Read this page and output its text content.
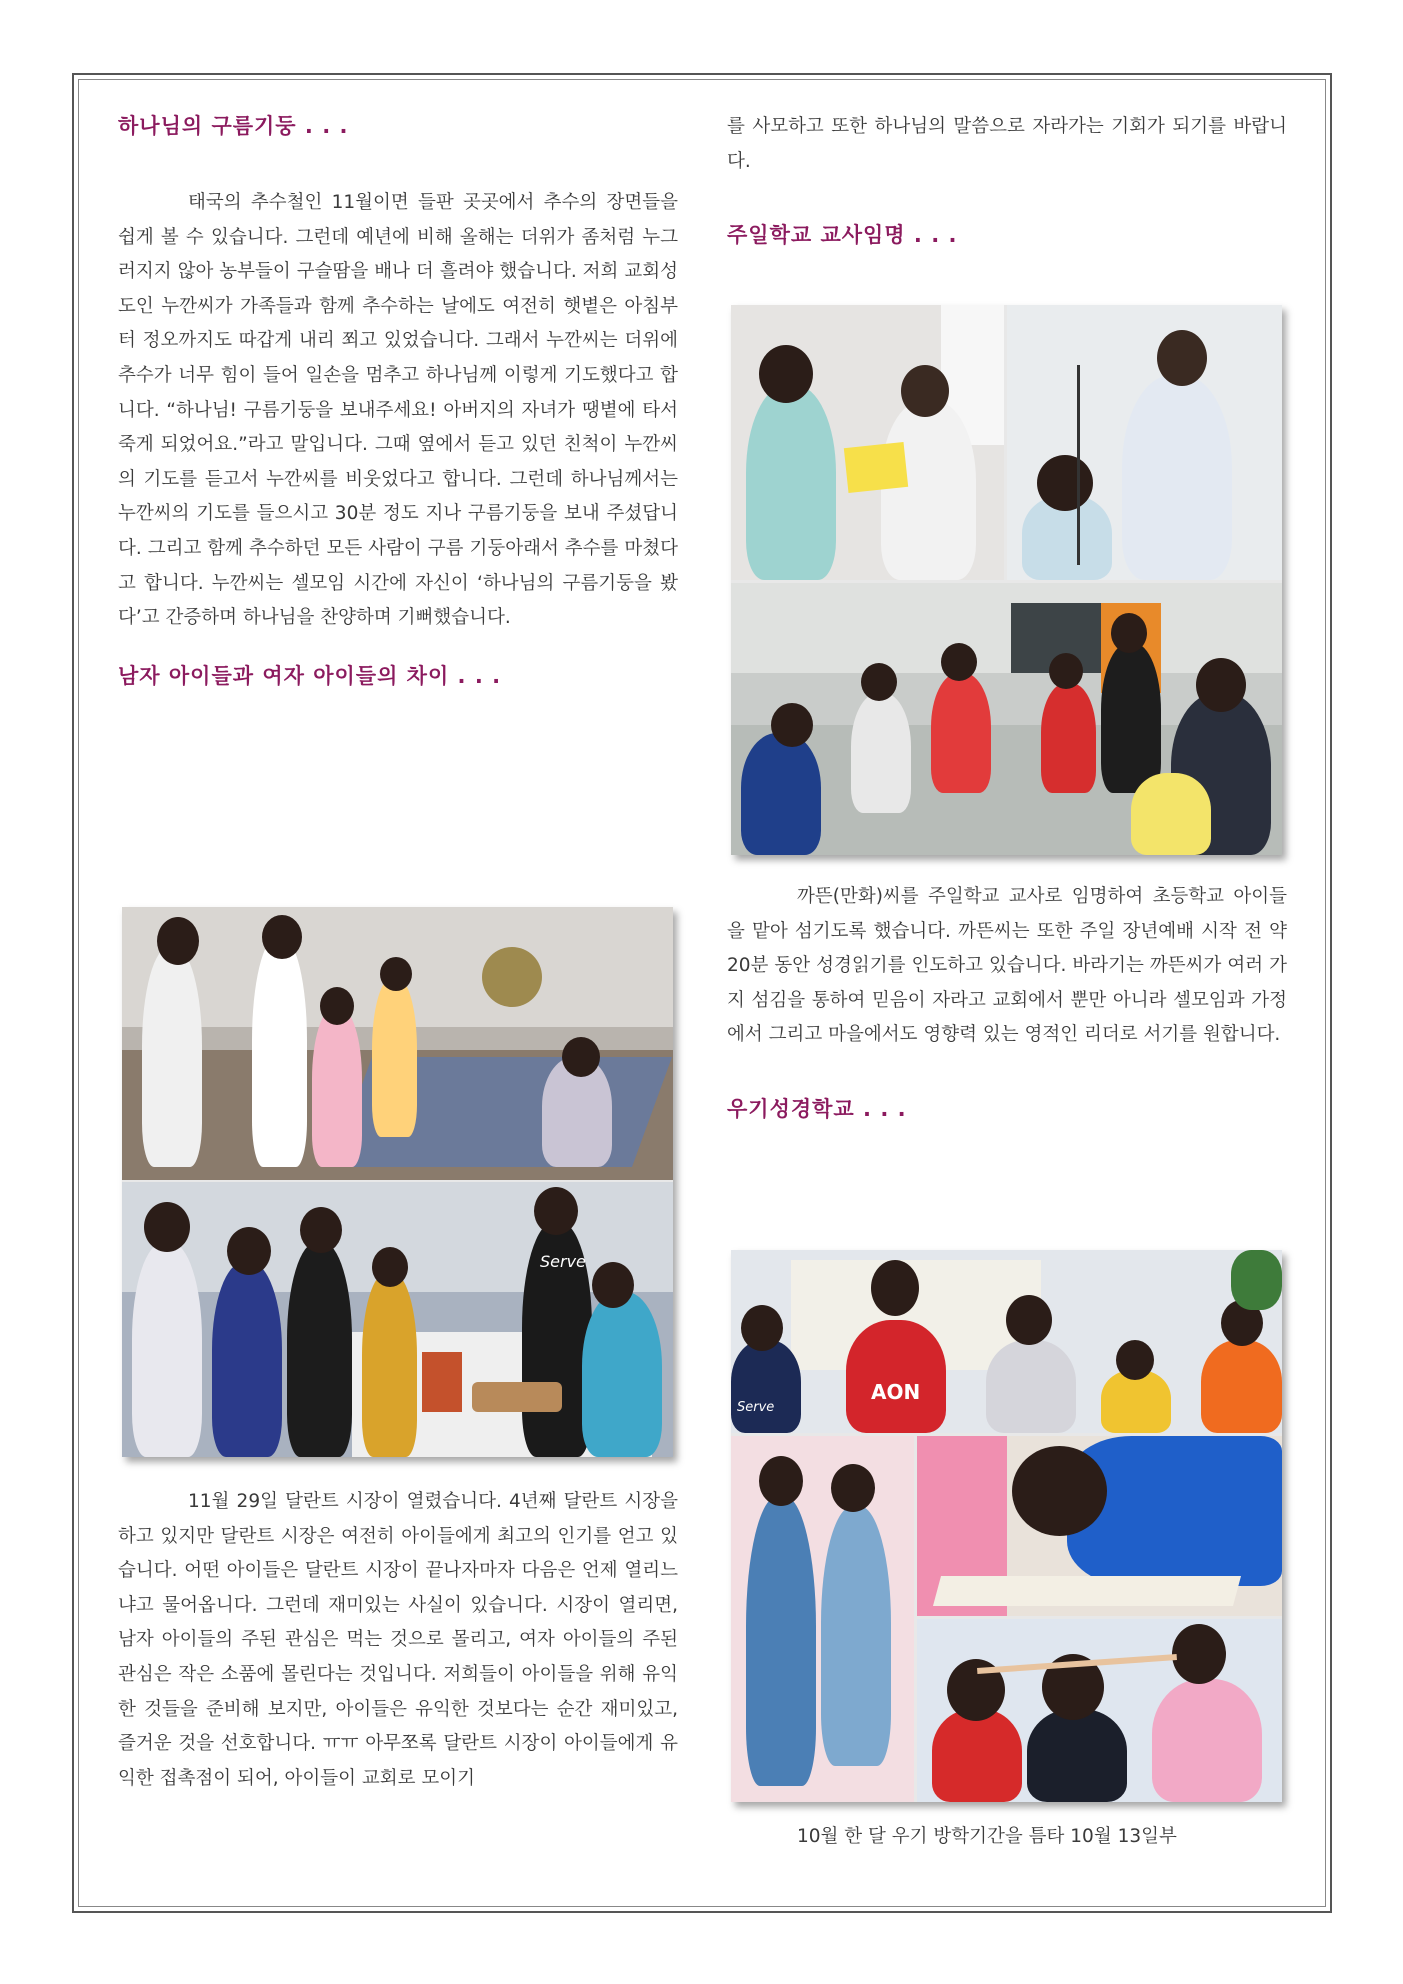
하나님의 구름기둥 . . .

태국의 추수철인 11월이면 들판 곳곳에서 추수의 장면들을 쉽게 볼 수 있습니다. 그런데 예년에 비해 올해는 더위가 좀처럼 누그러지지 않아 농부들이 구슬땀을 배나 더 흘려야 했습니다. 저희 교회성도인 누깐씨가 가족들과 함께 추수하는 날에도 여전히 햇볕은 아침부터 정오까지도 따갑게 내리 쬐고 있었습니다. 그래서 누깐씨는 더위에 추수가 너무 힘이 들어 일손을 멈추고 하나님께 이렇게 기도했다고 합니다. “하나님! 구름기둥을 보내주세요! 아버지의 자녀가 땡볕에 타서 죽게 되었어요.”라고 말입니다. 그때 옆에서 듣고 있던 친척이 누깐씨의 기도를 듣고서 누깐씨를 비웃었다고 합니다. 그런데 하나님께서는 누깐씨의 기도를 들으시고 30분 정도 지나 구름기둥을 보내 주셨답니다. 그리고 함께 추수하던 모든 사람이 구름 기둥아래서 추수를 마쳤다고 합니다. 누깐씨는 셀모임 시간에 자신이 ‘하나님의 구름기둥을 봤다’고 간증하며 하나님을 찬양하며 기뻐했습니다.

남자 아이들과 여자 아이들의 차이 . . .
Serve

11월 29일 달란트 시장이 열렸습니다. 4년째 달란트 시장을 하고 있지만 달란트 시장은 여전히 아이들에게 최고의 인기를 얻고 있습니다. 어떤 아이들은 달란트 시장이 끝나자마자 다음은 언제 열리느냐고 물어옵니다. 그런데 재미있는 사실이 있습니다. 시장이 열리면, 남자 아이들의 주된 관심은 먹는 것으로 몰리고, 여자 아이들의 주된 관심은 작은 소품에 몰린다는 것입니다. 저희들이 아이들을 위해 유익한 것들을 준비해 보지만, 아이들은 유익한 것보다는 순간 재미있고, 즐거운 것을 선호합니다. ㅠㅠ 아무쪼록 달란트 시장이 아이들에게 유익한 접촉점이 되어, 아이들이 교회로 모이기

를 사모하고 또한 하나님의 말씀으로 자라가는 기회가 되기를 바랍니다.

주일학교 교사임명 . . .

까뜬(만화)씨를 주일학교 교사로 임명하여 초등학교 아이들을 맡아 섬기도록 했습니다. 까뜬씨는 또한 주일 장년예배 시작 전 약 20분 동안 성경읽기를 인도하고 있습니다. 바라기는 까뜬씨가 여러 가지 섬김을 통하여 믿음이 자라고 교회에서 뿐만 아니라 셀모임과 가정에서 그리고 마을에서도 영향력 있는 영적인 리더로 서기를 원합니다.

우기성경학교 . . .
Serve
AON

10월 한 달 우기 방학기간을 틈타 10월 13일부
